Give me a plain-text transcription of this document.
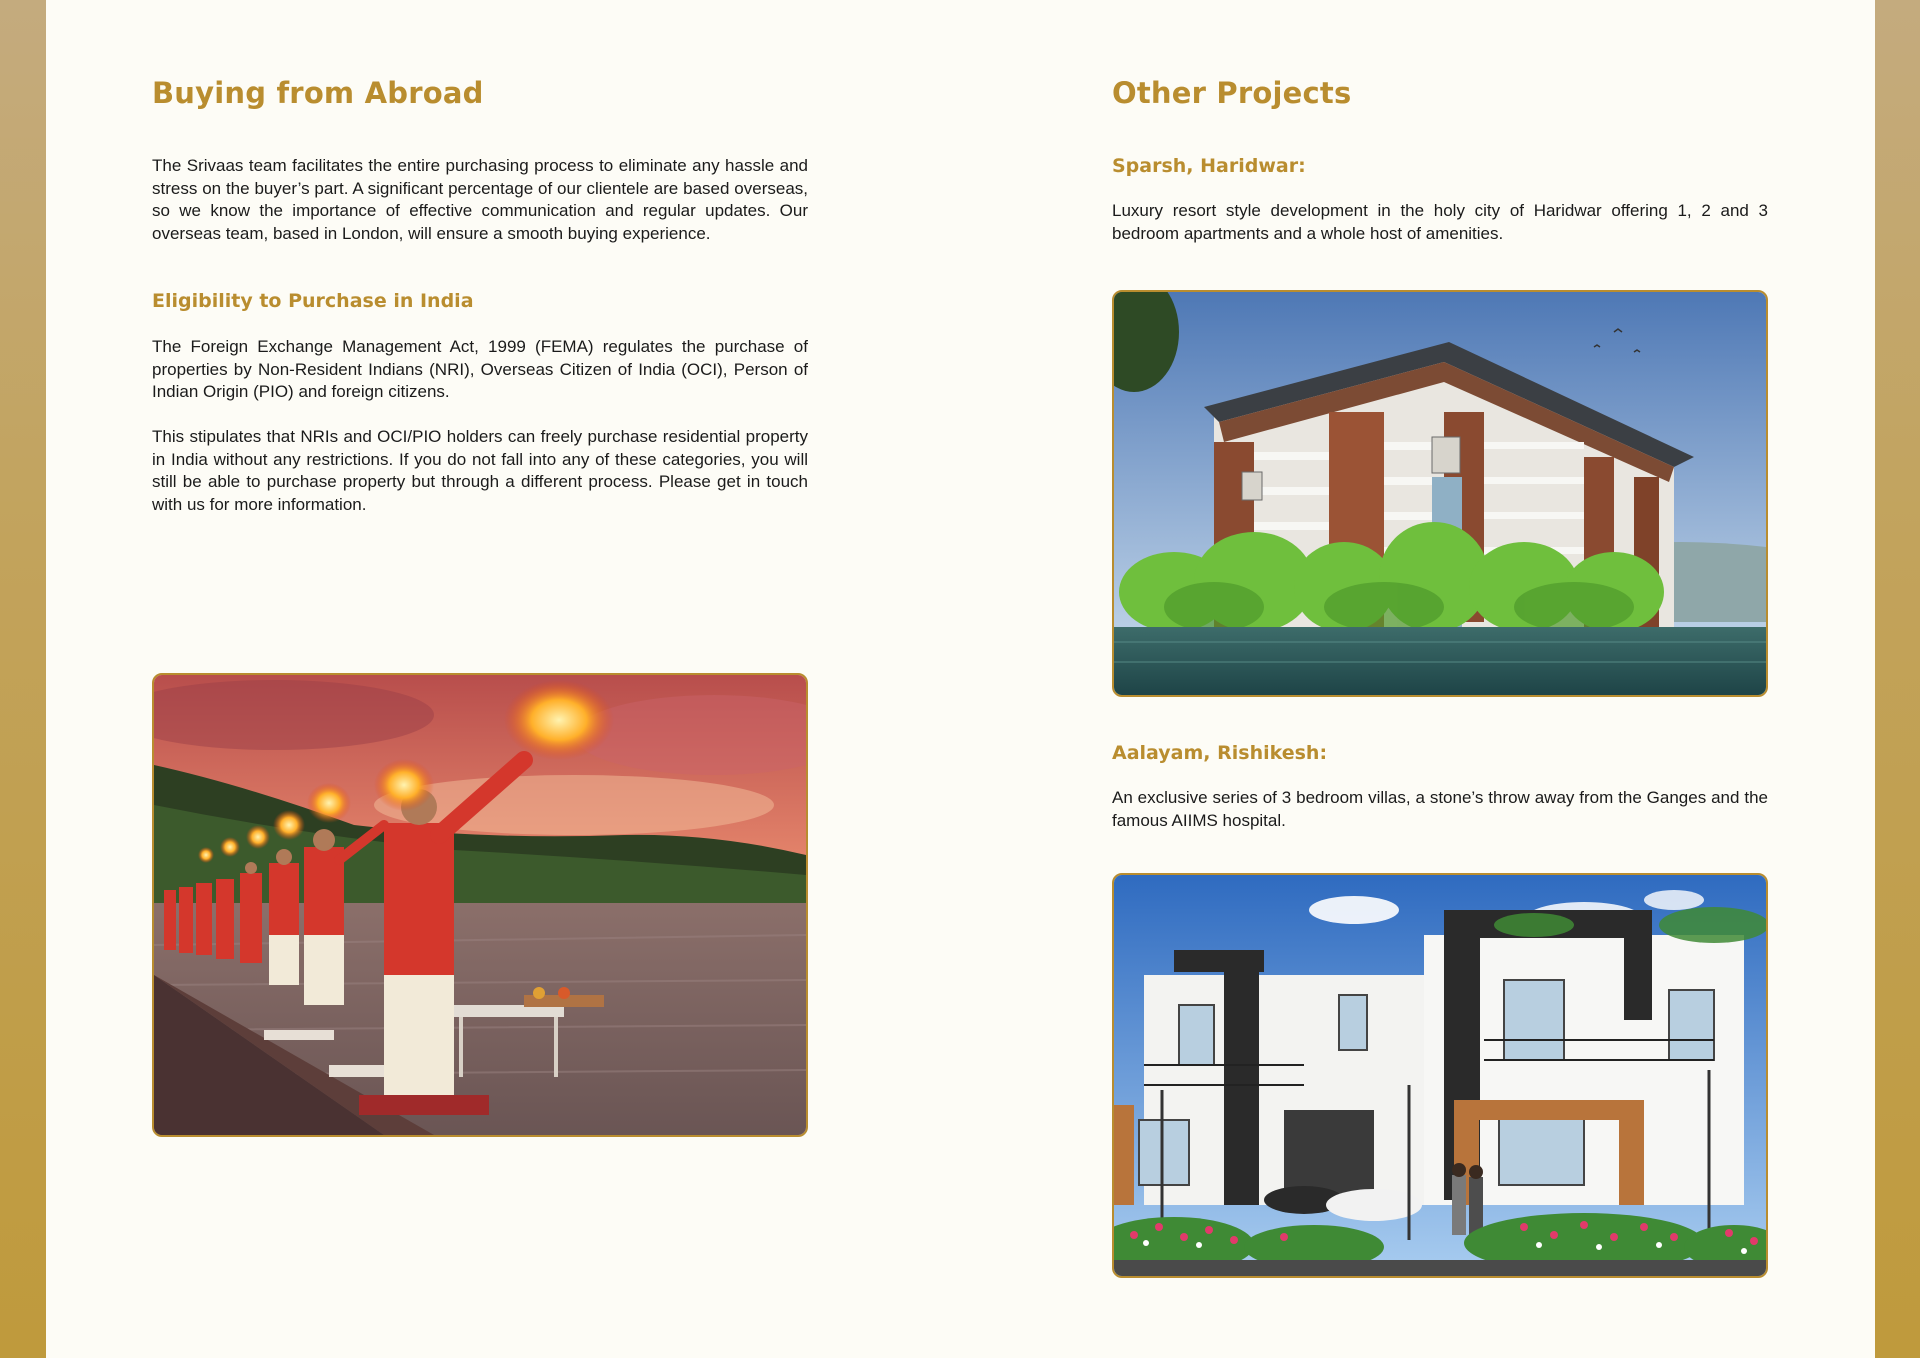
Buying from Abroad

The Srivaas team facilitates the entire purchasing process to eliminate any hassle and stress on the buyer’s part. A significant percentage of our clientele are based overseas, so we know the importance of effective communication and regular updates. Our overseas team, based in London, will ensure a smooth buying experience.

Eligibility to Purchase in India

The Foreign Exchange Management Act, 1999 (FEMA) regulates the purchase of properties by Non-Resident Indians (NRI), Overseas Citizen of India (OCI), Person of Indian Origin (PIO) and foreign citizens.

This stipulates that NRIs and OCI/PIO holders can freely purchase residential property in India without any restrictions. If you do not fall into any of these categories, you will still be able to purchase property but through a different process. Please get in touch with us for more information.

Other Projects
Sparsh, Haridwar:

Luxury resort style development in the holy city of Haridwar offering 1, 2 and 3 bedroom apartments and a whole host of amenities.

Aalayam, Rishikesh:

An exclusive series of 3 bedroom villas, a stone’s throw away from the Ganges and the famous AIIMS hospital.
